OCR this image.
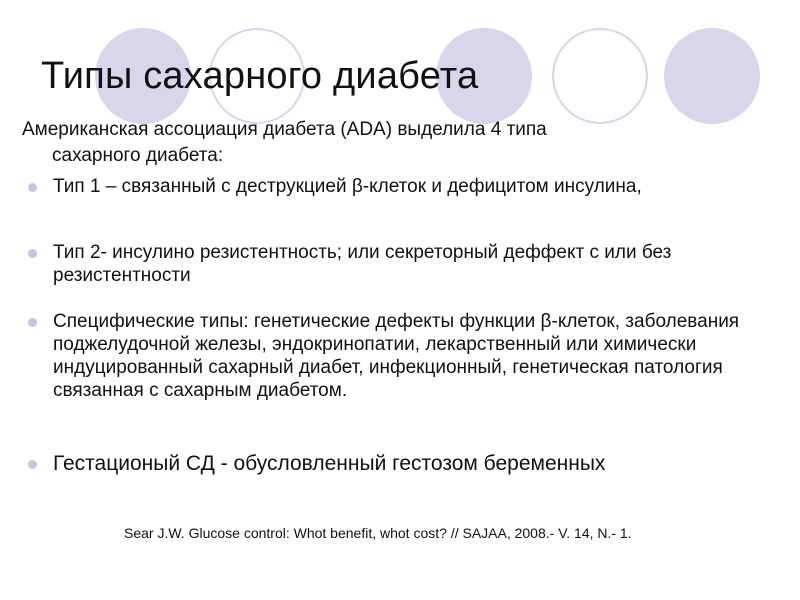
Типы сахарного диабета

Американская ассоциация диабета (ADA) выделила 4 типа
сахарного диабета:

Тип 1 – связанный с деструкцией β-клеток и дефицитом инсулина,
Тип 2- инсулино резистентность; или секреторный деффект с или без резистентности
Специфические типы: генетические дефекты функции β-клеток, заболевания поджелудочной железы, эндокринопатии, лекарственный или химически индуцированный сахарный диабет, инфекционный, генетическая патология связанная с сахарным диабетом.
Гестационый СД - обусловленный гестозом беременных

Sear J.W. Glucose control: Whot benefit, whot cost? // SAJAA, 2008.- V. 14, N.- 1.
